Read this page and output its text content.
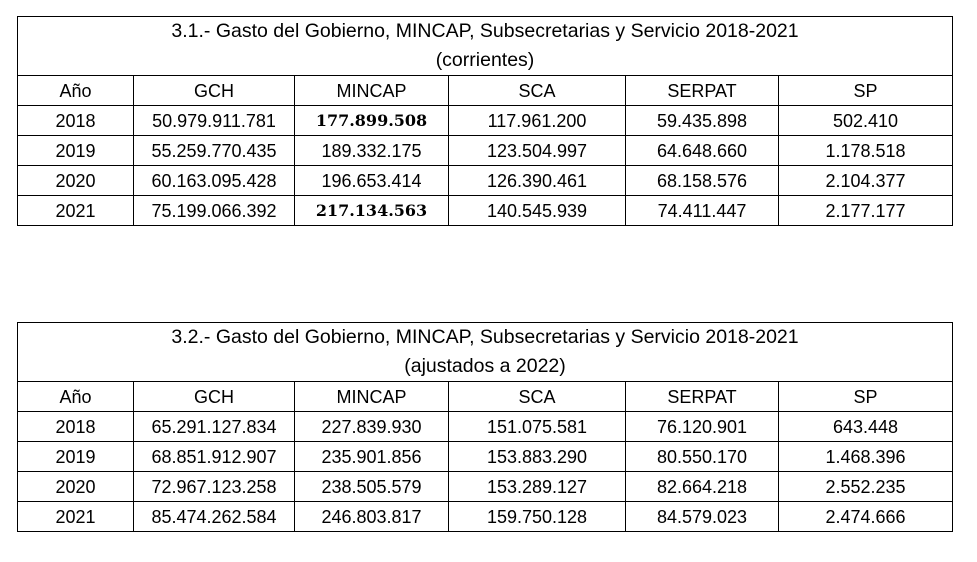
3.1.- Gasto del Gobierno, MINCAP, Subsecretarias y Servicio 2018-2021
(corrientes)					

Año	GCH	MINCAP	SCA	SERPAT	SP
2018	50.979.911.781	177.899.508	117.961.200	59.435.898	502.410
2019	55.259.770.435	189.332.175	123.504.997	64.648.660	1.178.518
2020	60.163.095.428	196.653.414	126.390.461	68.158.576	2.104.377
2021	75.199.066.392	217.134.563	140.545.939	74.411.447	2.177.177
3.2.- Gasto del Gobierno, MINCAP, Subsecretarias y Servicio 2018-2021
(ajustados a 2022)					

Año	GCH	MINCAP	SCA	SERPAT	SP
2018	65.291.127.834	227.839.930	151.075.581	76.120.901	643.448
2019	68.851.912.907	235.901.856	153.883.290	80.550.170	1.468.396
2020	72.967.123.258	238.505.579	153.289.127	82.664.218	2.552.235
2021	85.474.262.584	246.803.817	159.750.128	84.579.023	2.474.666
